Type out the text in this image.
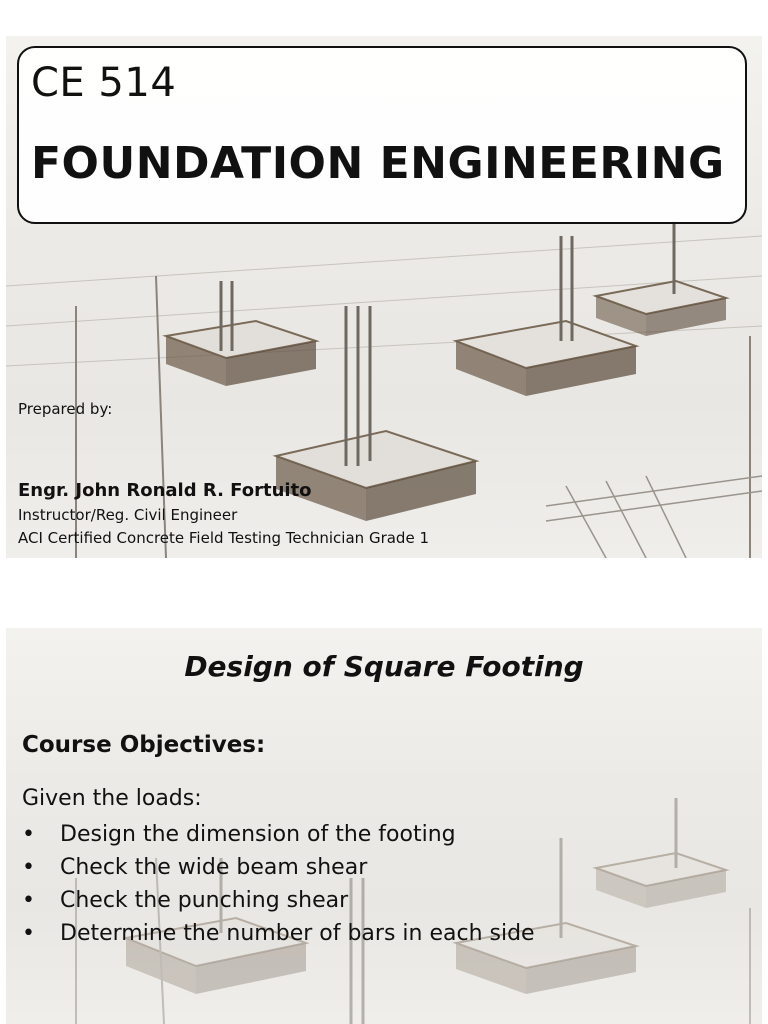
CE 514
FOUNDATION ENGINEERING
Prepared by:
Engr. John Ronald R. Fortuito
Instructor/Reg. Civil Engineer
ACI Certified Concrete Field Testing Technician Grade 1
Design of Square Footing
Course Objectives:
Given the loads:
•	Design the dimension of the footing
•	Check the wide beam shear
•	Check the punching shear
•	Determine the number of bars in each side
